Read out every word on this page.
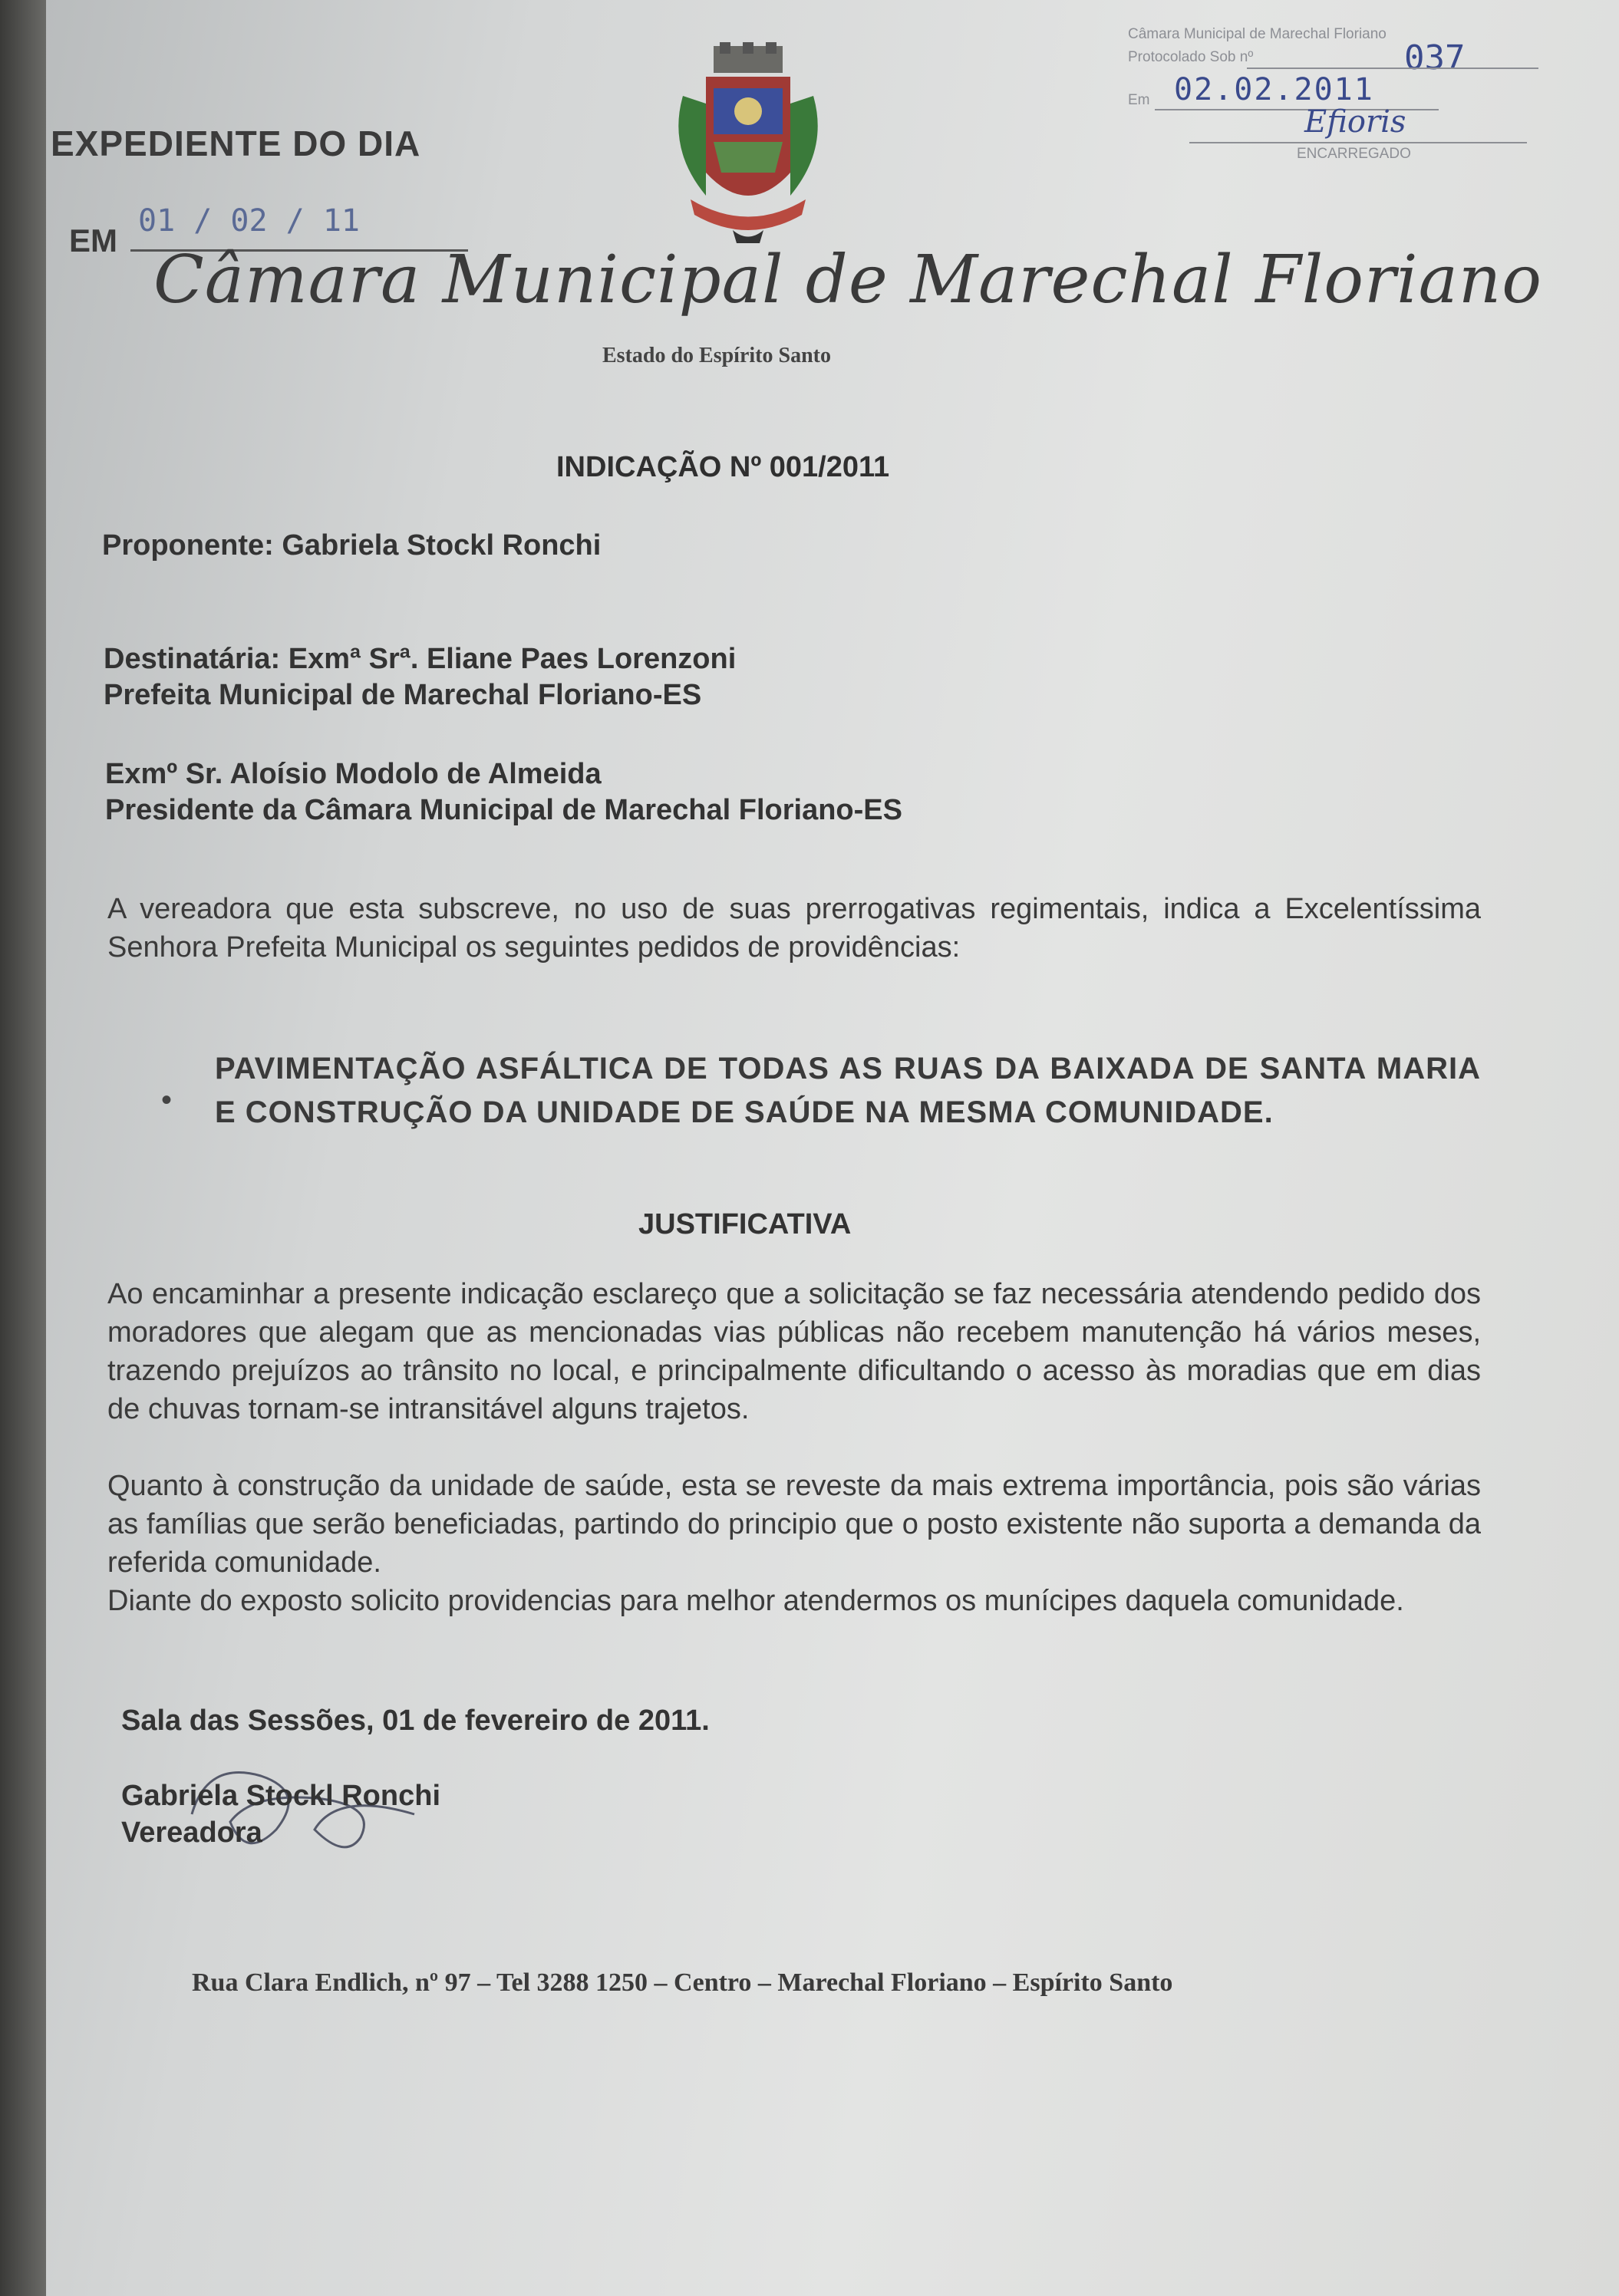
EXPEDIENTE DO DIA
EM
01 / 02 / 11
Câmara Municipal de Marechal Floriano
Estado do Espírito Santo
Câmara Municipal de Marechal Floriano
Protocolado Sob nº	037
Em 02.02.2011
Efioris
ENCARREGADO
INDICAÇÃO Nº 001/2011
Proponente: Gabriela Stockl Ronchi
Destinatária: Exmª Srª. Eliane Paes Lorenzoni
Prefeita Municipal de Marechal Floriano-ES
Exmº Sr. Aloísio Modolo de Almeida
Presidente da Câmara Municipal de Marechal Floriano-ES
A vereadora que esta subscreve, no uso de suas prerrogativas regimentais, indica a Excelentíssima Senhora Prefeita Municipal os seguintes pedidos de providências:
•
PAVIMENTAÇÃO ASFÁLTICA DE TODAS AS RUAS DA BAIXADA DE SANTA MARIA E CONSTRUÇÃO DA UNIDADE DE SAÚDE NA MESMA COMUNIDADE.
JUSTIFICATIVA
Ao encaminhar a presente indicação esclareço que a solicitação se faz necessária atendendo pedido dos moradores que alegam que as mencionadas vias públicas não recebem manutenção há vários meses, trazendo prejuízos ao trânsito no local, e principalmente dificultando o acesso às moradias que em dias de chuvas tornam-se intransitável alguns trajetos.
Quanto à construção da unidade de saúde, esta se reveste da mais extrema importância, pois são várias as famílias que serão beneficiadas, partindo do principio que o posto existente não suporta a demanda da referida comunidade.
Diante do exposto solicito providencias para melhor atendermos os munícipes daquela comunidade.
Sala das Sessões, 01 de fevereiro de 2011.
Gabriela Stockl Ronchi
Vereadora
Rua Clara Endlich, nº 97 – Tel 3288 1250 – Centro – Marechal Floriano – Espírito Santo
